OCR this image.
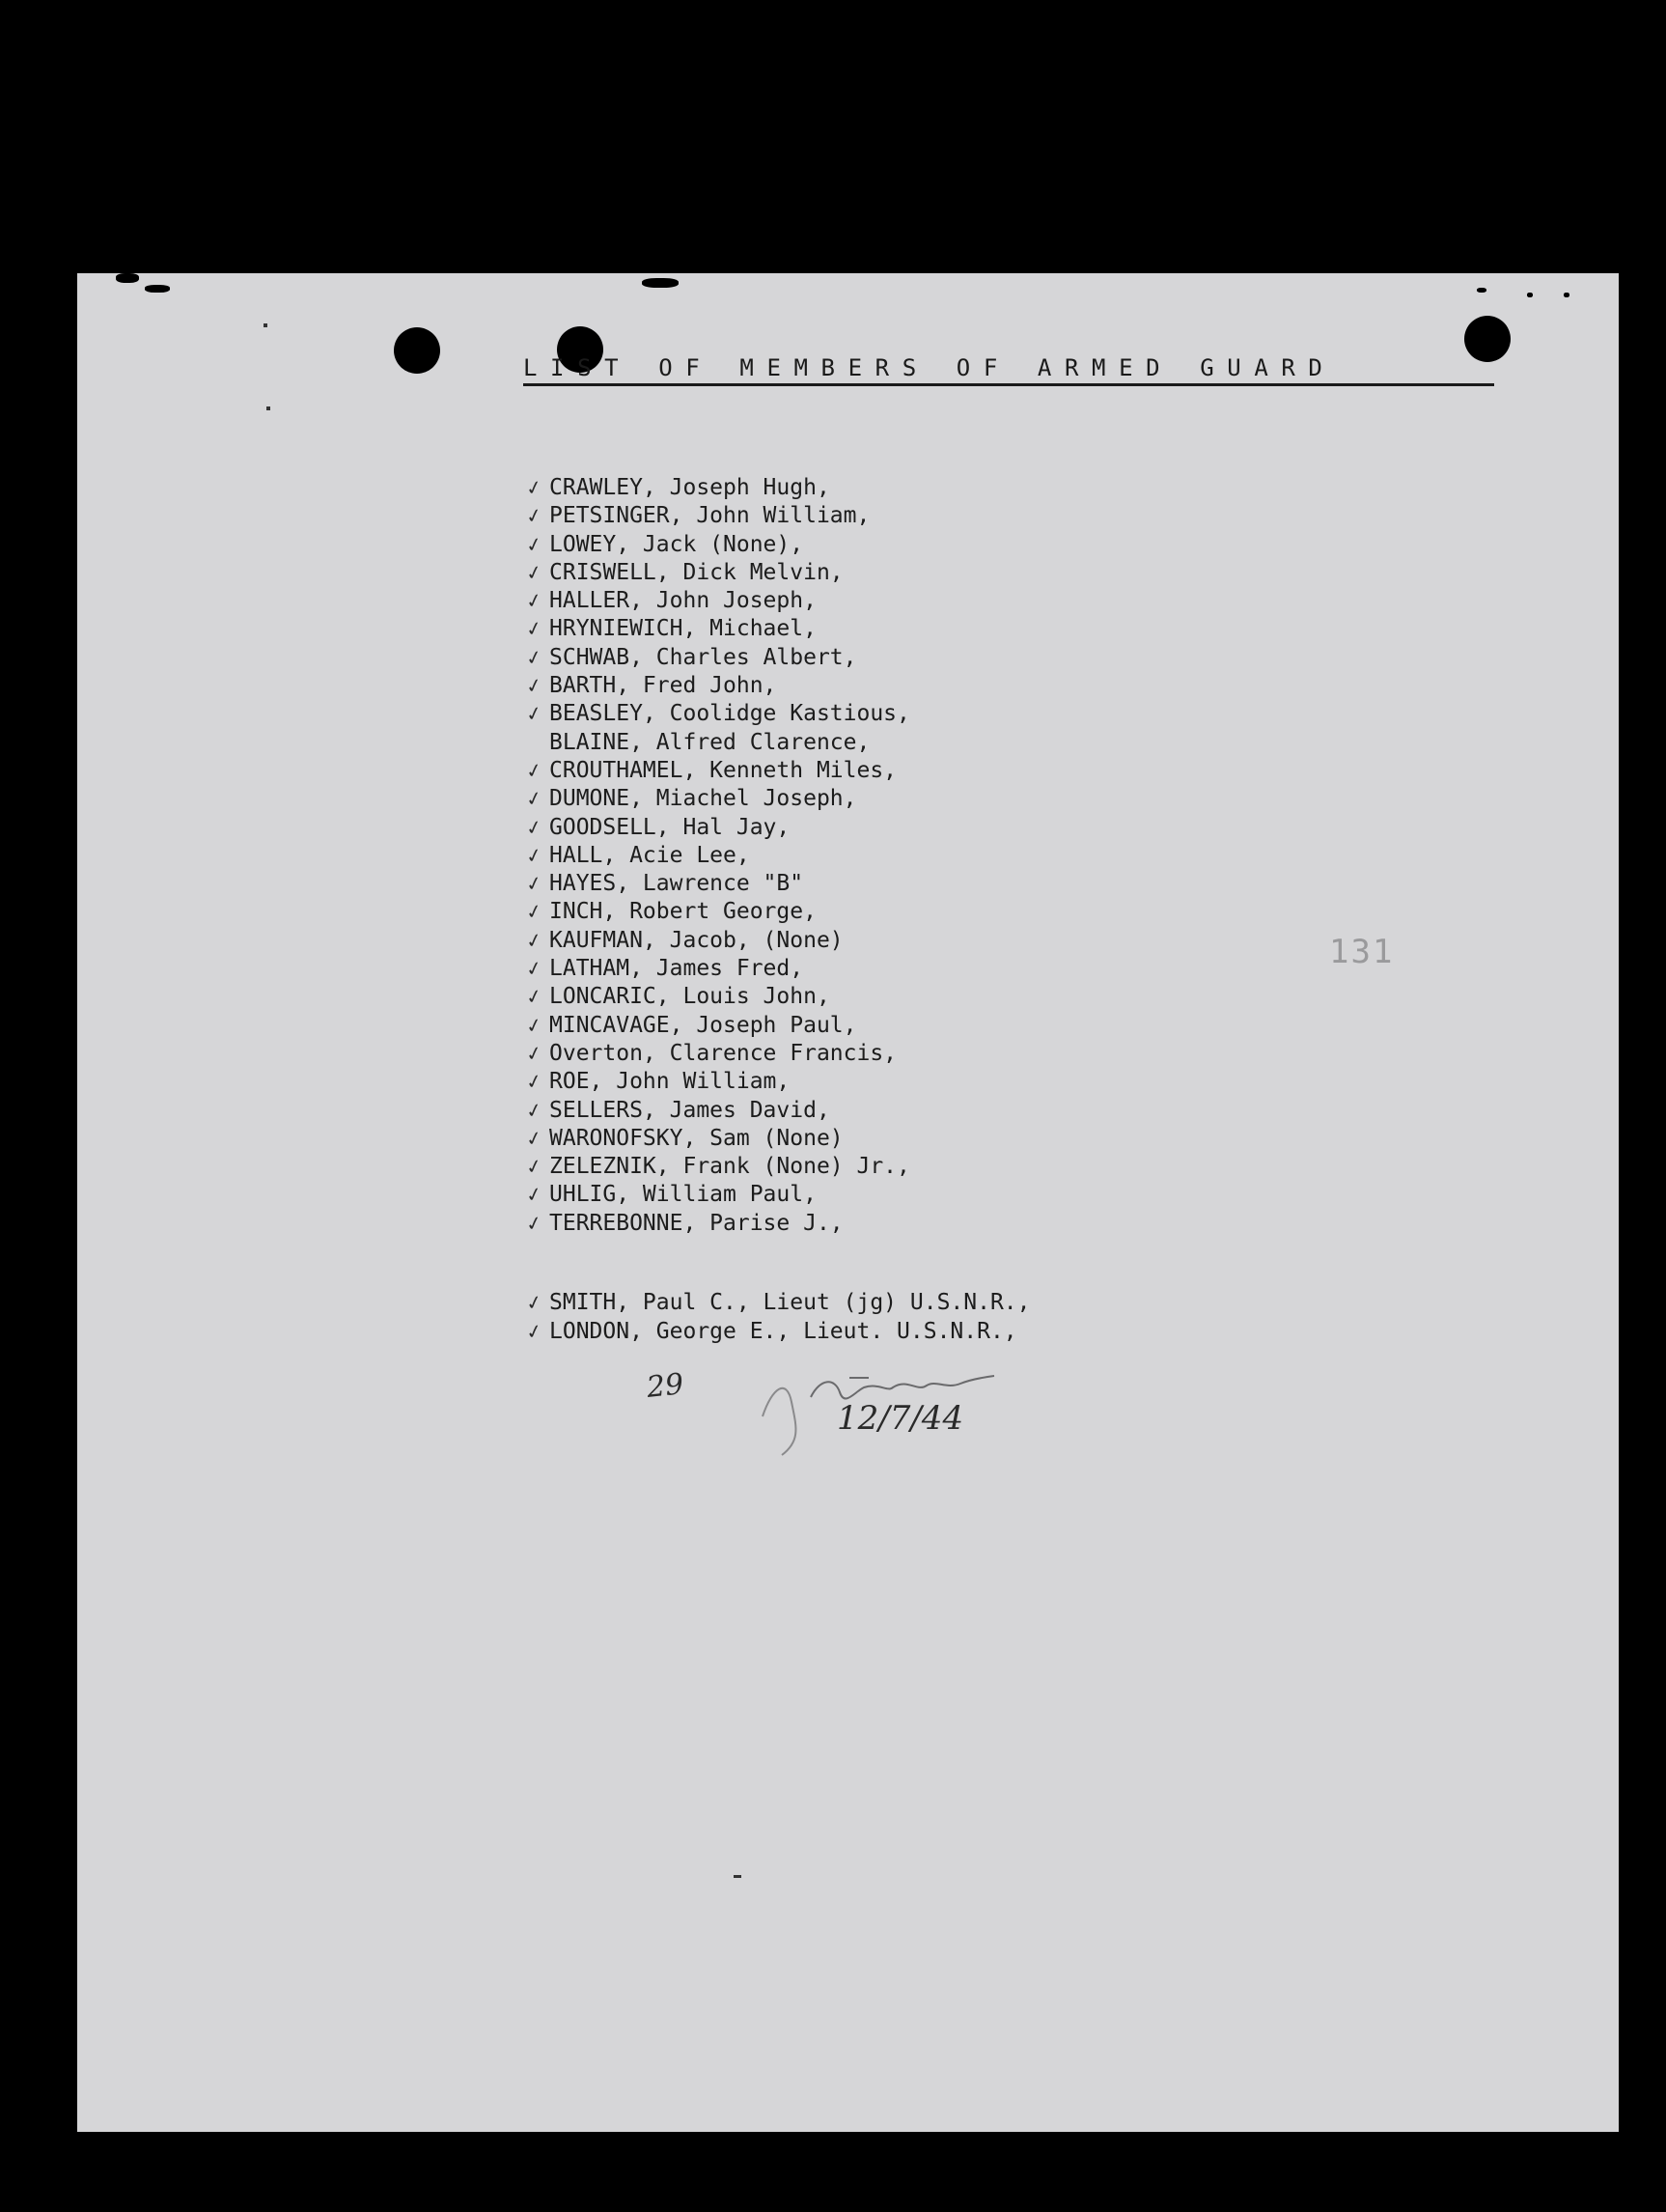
LIST OF MEMBERS OF ARMED GUARD
✓ CRAWLEY, Joseph Hugh,
✓ PETSINGER, John William,
✓ LOWEY, Jack (None),
✓ CRISWELL, Dick Melvin,
✓ HALLER, John Joseph,
✓ HRYNIEWICH, Michael,
✓ SCHWAB, Charles Albert,
✓ BARTH, Fred John,
✓ BEASLEY, Coolidge Kastious,
BLAINE, Alfred Clarence,
✓ CROUTHAMEL, Kenneth Miles,
✓ DUMONE, Miachel Joseph,
✓ GOODSELL, Hal Jay,
✓ HALL, Acie Lee,
✓ HAYES, Lawrence "B"
✓ INCH, Robert George,
✓ KAUFMAN, Jacob, (None)
✓ LATHAM, James Fred,
✓ LONCARIC, Louis John,
✓ MINCAVAGE, Joseph Paul,
✓ Overton, Clarence Francis,
✓ ROE, John William,
✓ SELLERS, James David,
✓ WARONOFSKY, Sam (None)
✓ ZELEZNIK, Frank (None) Jr.,
✓ UHLIG, William Paul,
✓ TERREBONNE, Parise J.,
✓ SMITH, Paul C., Lieut (jg) U.S.N.R.,
✓ LONDON, George E., Lieut. U.S.N.R.,
131
29
12/7/44
